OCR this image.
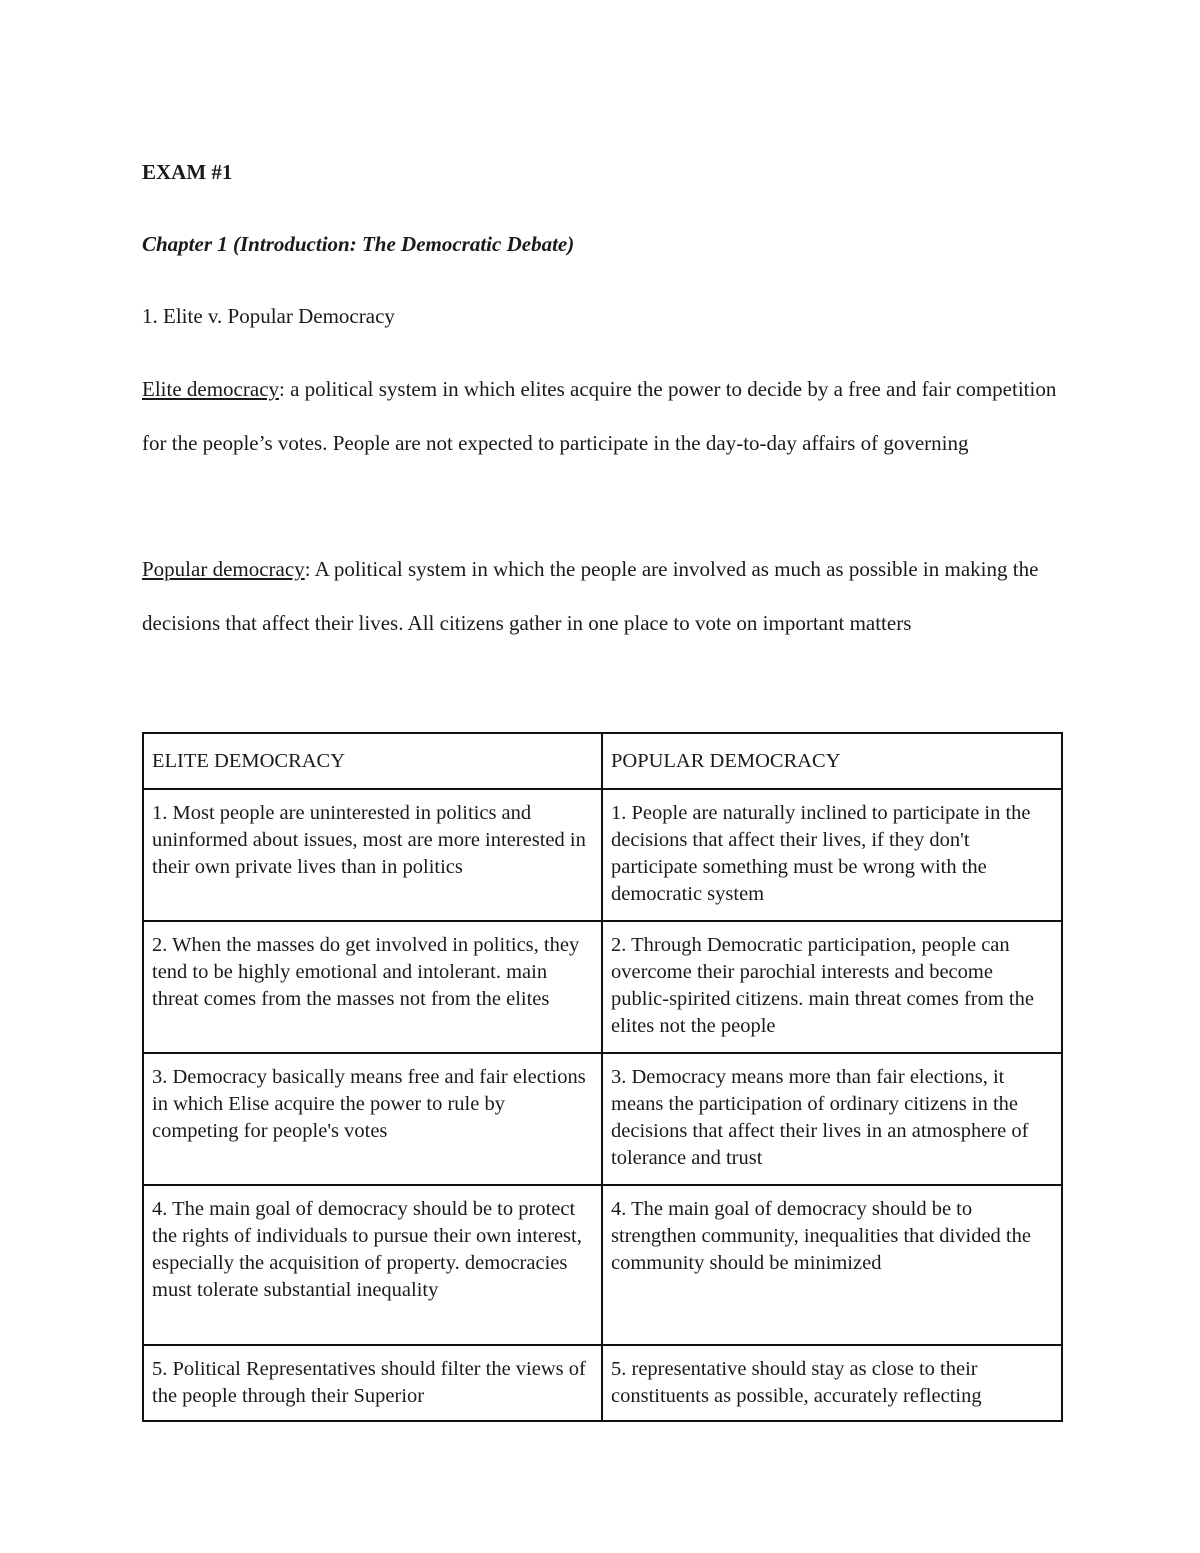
EXAM #1

Chapter 1 (Introduction: The Democratic Debate)

1. Elite v. Popular Democracy

Elite democracy: a political system in which elites acquire the power to decide by a free and fair competition for the people’s votes. People are not expected to participate in the day-to-day affairs of governing

Popular democracy: A political system in which the people are involved as much as possible in making the decisions that affect their lives. All citizens gather in one place to vote on important matters

ELITE DEMOCRACY	POPULAR DEMOCRACY
1. Most people are uninterested in politics and uninformed about issues, most are more interested in their own private lives than in politics	1. People are naturally inclined to participate in the decisions that affect their lives, if they don't participate something must be wrong with the democratic system
2. When the masses do get involved in politics, they tend to be highly emotional and intolerant. main threat comes from the masses not from the elites	2. Through Democratic participation, people can overcome their parochial interests and become public-spirited citizens. main threat comes from the elites not the people
3. Democracy basically means free and fair elections in which Elise acquire the power to rule by competing for people's votes	3. Democracy means more than fair elections, it means the participation of ordinary citizens in the decisions that affect their lives in an atmosphere of tolerance and trust
4. The main goal of democracy should be to protect the rights of individuals to pursue their own interest, especially the acquisition of property. democracies must tolerate substantial inequality	4. The main goal of democracy should be to strengthen community, inequalities that divided the community should be minimized
5. Political Representatives should filter the views of the people through their Superior	5. representative should stay as close to their constituents as possible, accurately reflecting
